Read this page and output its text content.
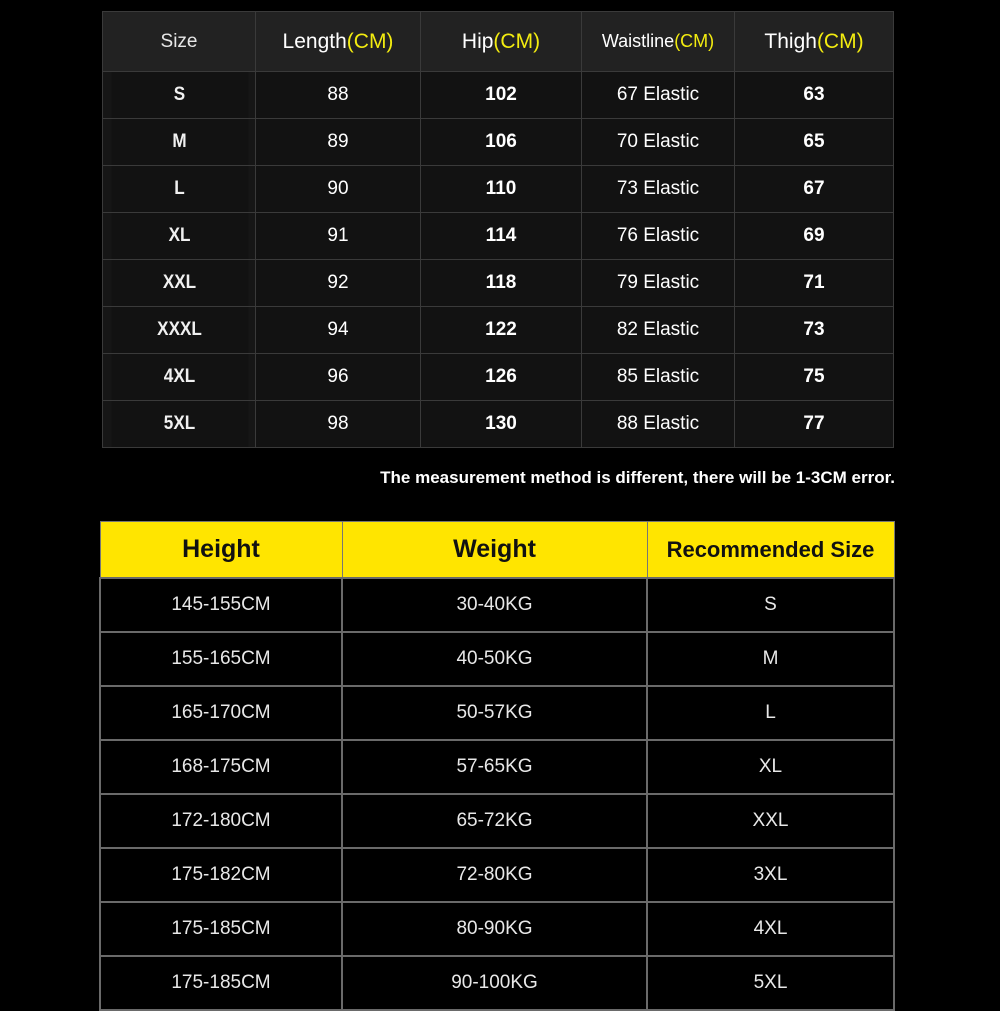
Size	Length(CM)	Hip(CM)	Waistline(CM)	Thigh(CM)
S	88	102	67 Elastic	63
M	89	106	70 Elastic	65
L	90	110	73 Elastic	67
XL	91	114	76 Elastic	69
XXL	92	118	79 Elastic	71
XXXL	94	122	82 Elastic	73
4XL	96	126	85 Elastic	75
5XL	98	130	88 Elastic	77
The measurement method is different, there will be 1-3CM error.
Height	Weight	Recommended Size
145-155CM	30-40KG	S
155-165CM	40-50KG	M
165-170CM	50-57KG	L
168-175CM	57-65KG	XL
172-180CM	65-72KG	XXL
175-182CM	72-80KG	3XL
175-185CM	80-90KG	4XL
175-185CM	90-100KG	5XL
